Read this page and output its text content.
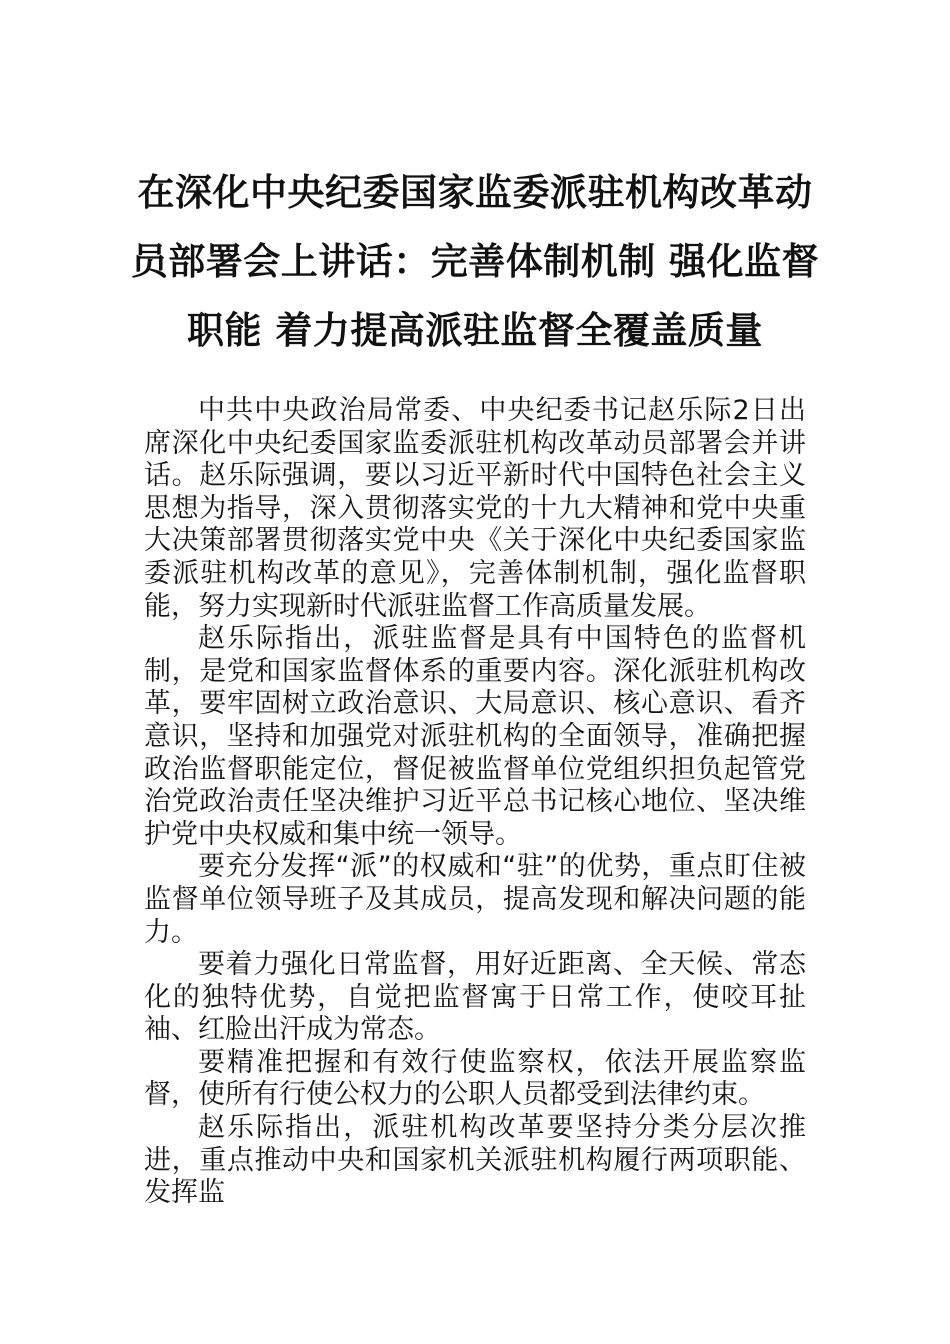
在深化中央纪委国家监委派驻机构改革动
员部署会上讲话：完善体制机制 强化监督
职能 着力提高派驻监督全覆盖质量

中共中央政治局常委、中央纪委书记赵乐际2日出席深化中央纪委国家监委派驻机构改革动员部署会并讲话。赵乐际强调，要以习近平新时代中国特色社会主义思想为指导，深入贯彻落实党的十九大精神和党中央重大决策部署贯彻落实党中央《关于深化中央纪委国家监委派驻机构改革的意见》，完善体制机制，强化监督职能，努力实现新时代派驻监督工作高质量发展。

赵乐际指出，派驻监督是具有中国特色的监督机制，是党和国家监督体系的重要内容。深化派驻机构改革，要牢固树立政治意识、大局意识、核心意识、看齐意识，坚持和加强党对派驻机构的全面领导，准确把握政治监督职能定位，督促被监督单位党组织担负起管党治党政治责任坚决维护习近平总书记核心地位、坚决维护党中央权威和集中统一领导。

要充分发挥“派”的权威和“驻”的优势，重点盯住被监督单位领导班子及其成员，提高发现和解决问题的能力。

要着力强化日常监督，用好近距离、全天候、常态化的独特优势，自觉把监督寓于日常工作，使咬耳扯袖、红脸出汗成为常态。

要精准把握和有效行使监察权，依法开展监察监督，使所有行使公权力的公职人员都受到法律约束。

赵乐际指出，派驻机构改革要坚持分类分层次推进，重点推动中央和国家机关派驻机构履行两项职能、发挥监
